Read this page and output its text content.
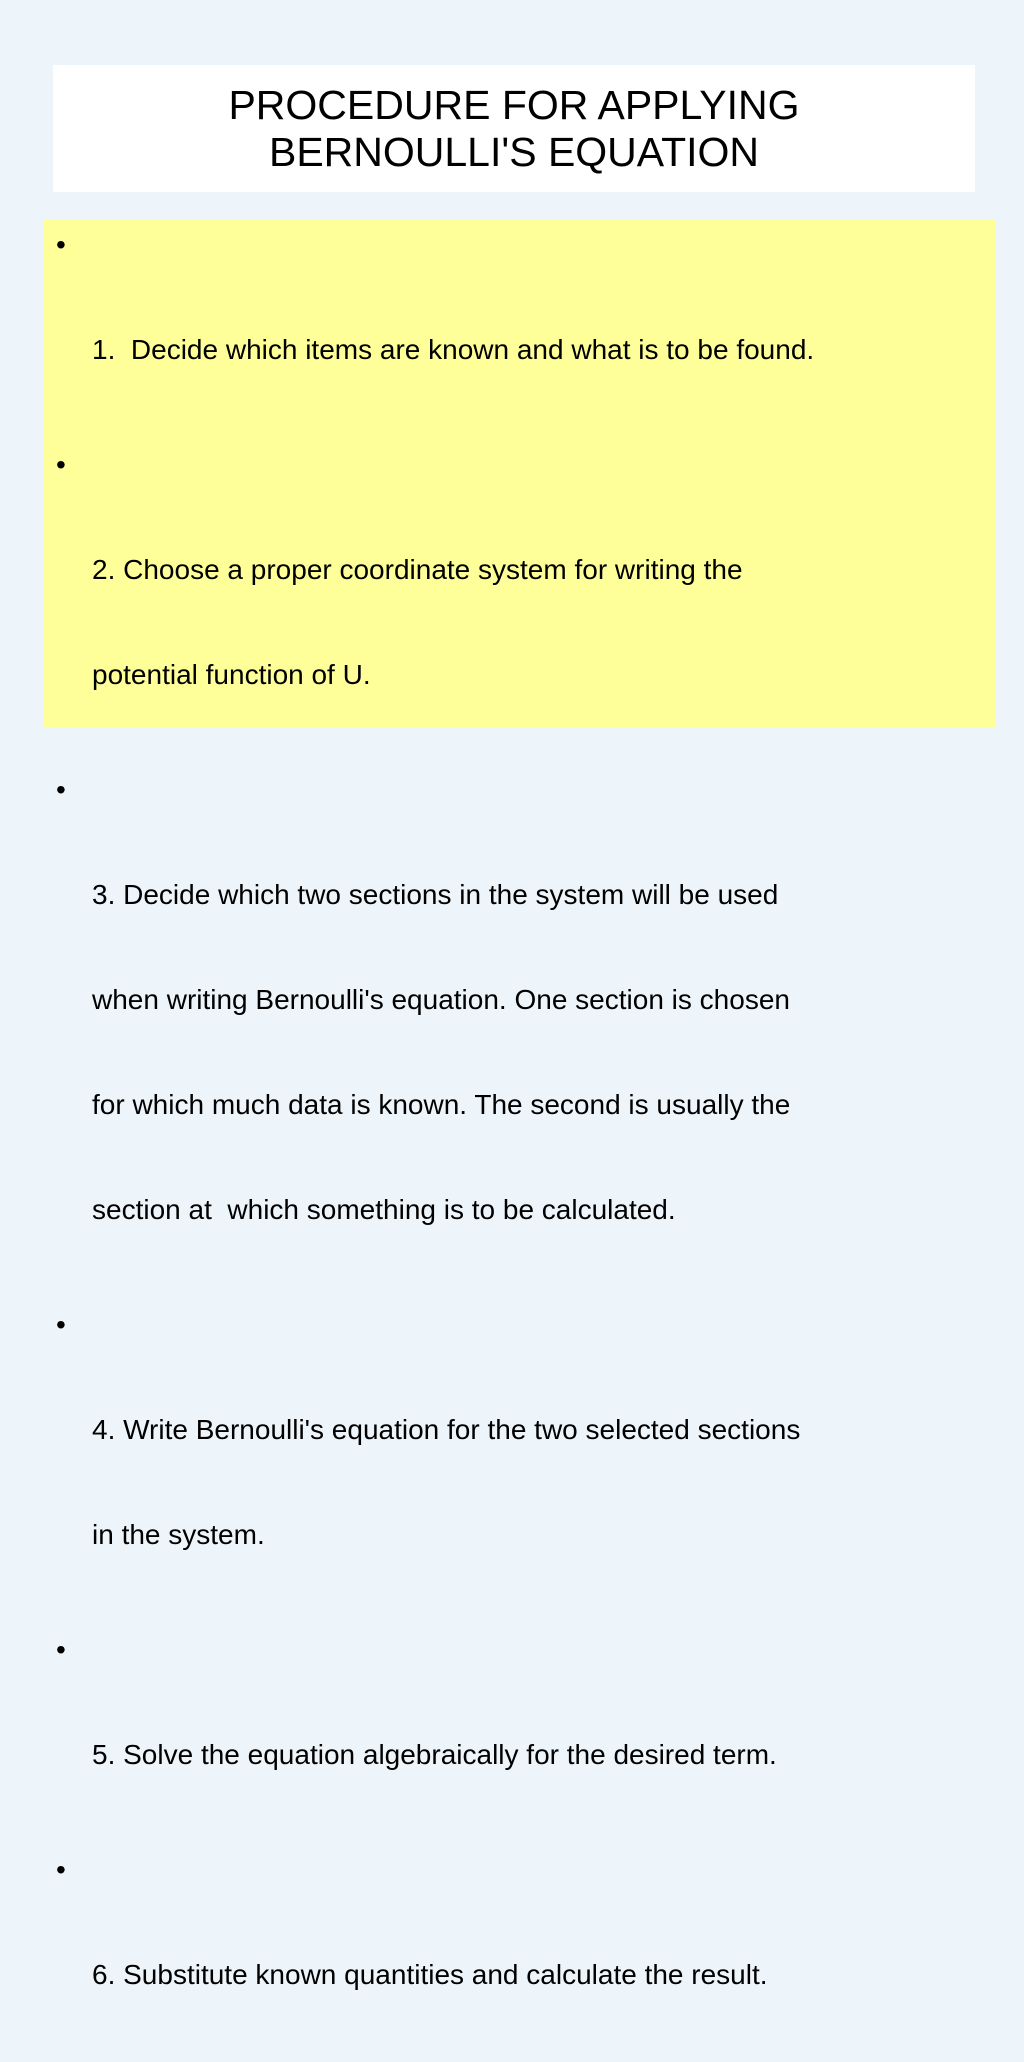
PROCEDURE FOR APPLYING
BERNOULLI'S EQUATION

•

1.  Decide which items are known and what is to be found.

•

2. Choose a proper coordinate system for writing the

potential function of U.

•

3. Decide which two sections in the system will be used

when writing Bernoulli's equation. One section is chosen

for which much data is known. The second is usually the

section at  which something is to be calculated.

•

4. Write Bernoulli's equation for the two selected sections

in the system.

•

5. Solve the equation algebraically for the desired term.

•

6. Substitute known quantities and calculate the result.
